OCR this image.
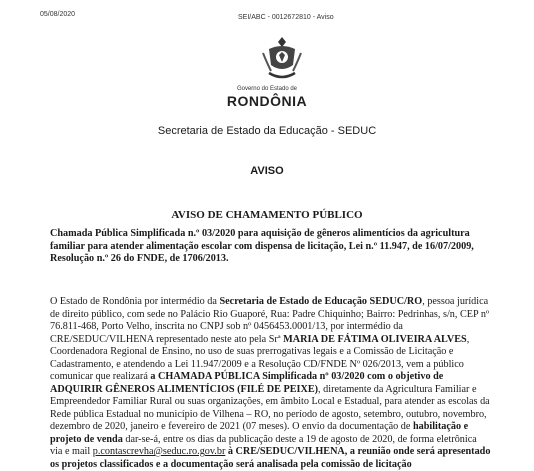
05/08/2020	SEI/ABC - 0012672810 - Aviso
Governo do Estado de
RONDÔNIA
Secretaria de Estado da Educação - SEDUC
AVISO
AVISO DE CHAMAMENTO PÚBLICO
Chamada Pública Simplificada n.º 03/2020 para aquisição de gêneros alimentícios da agricultura
familiar para atender alimentação escolar com dispensa de licitação, Lei n.º 11.947, de 16/07/2009,
Resolução n.º 26 do FNDE, de 1706/2013.
O Estado de Rondônia por intermédio da Secretaria de Estado de Educação SEDUC/RO, pessoa jurídica
de direito público, com sede no Palácio Rio Guaporé, Rua: Padre Chiquinho; Bairro: Pedrinhas, s/n, CEP nº
76.811-468, Porto Velho, inscrita no CNPJ sob nº 0456453.0001/13, por intermédio da
CRE/SEDUC/VILHENA representado neste ato pela Srª MARIA DE FÁTIMA OLIVEIRA ALVES,
Coordenadora Regional de Ensino, no uso de suas prerrogativas legais e a Comissão de Licitação e
Cadastramento, e atendendo a Lei 11.947/2009 e a Resolução CD/FNDE Nº 026/2013, vem a público
comunicar que realizará a CHAMADA PÚBLICA Simplificada nº 03/2020 com o objetivo de
ADQUIRIR GÊNEROS ALIMENTÍCIOS (FILÉ DE PEIXE), diretamente da Agricultura Familiar e
Empreendedor Familiar Rural ou suas organizações, em âmbito Local e Estadual, para atender as escolas da
Rede pública Estadual no município de Vilhena – RO, no período de agosto, setembro, outubro, novembro,
dezembro de 2020, janeiro e fevereiro de 2021 (07 meses). O envio da documentação de habilitação e
projeto de venda dar-se-á, entre os dias da publicação deste a 19 de agosto de 2020, de forma eletrônica
via e mail p.contascrevha@seduc.ro.gov.br à CRE/SEDUC/VILHENA, a reunião onde será apresentado
os projetos classificados e a documentação será analisada pela comissão de licitação
